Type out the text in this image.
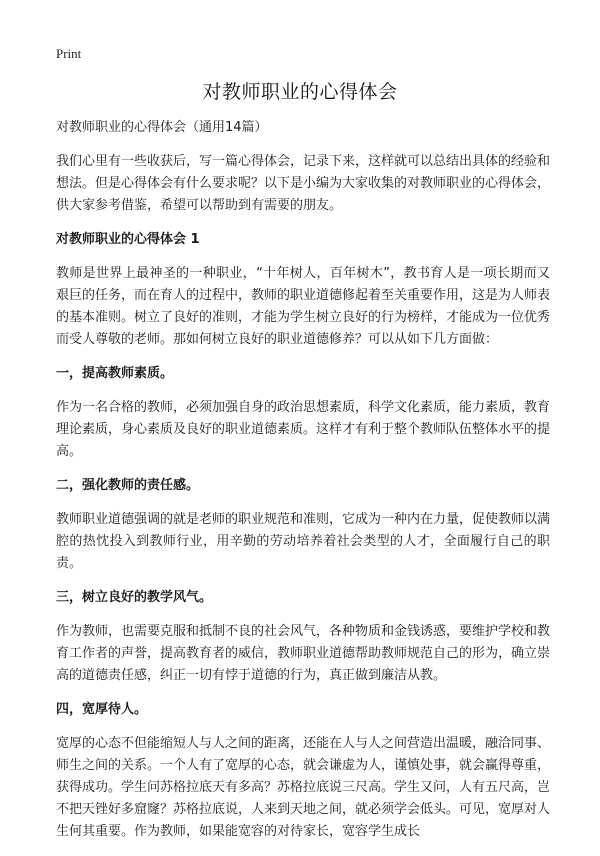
Print
对教师职业的心得体会

对教师职业的心得体会（通用14篇）

我们心里有一些收获后，写一篇心得体会，记录下来，这样就可以总结出具体的经验和想法。但是心得体会有什么要求呢？以下是小编为大家收集的对教师职业的心得体会，供大家参考借鉴，希望可以帮助到有需要的朋友。

对教师职业的心得体会 1

教师是世界上最神圣的一种职业，“十年树人，百年树木”，教书育人是一项长期而又艰巨的任务，而在育人的过程中，教师的职业道德修起着至关重要作用，这是为人师表的基本准则。树立了良好的准则，才能为学生树立良好的行为榜样，才能成为一位优秀而受人尊敬的老师。那如何树立良好的职业道德修养？可以从如下几方面做：

一，提高教师素质。

作为一名合格的教师，必须加强自身的政治思想素质，科学文化素质，能力素质，教育理论素质，身心素质及良好的职业道德素质。这样才有利于整个教师队伍整体水平的提高。

二，强化教师的责任感。

教师职业道德强调的就是老师的职业规范和准则，它成为一种内在力量，促使教师以满腔的热忱投入到教师行业，用辛勤的劳动培养着社会类型的人才，全面履行自己的职责。

三，树立良好的教学风气。

作为教师，也需要克服和抵制不良的社会风气，各种物质和金钱诱惑，要维护学校和教育工作者的声誉，提高教育者的威信，教师职业道德帮助教师规范自己的形为，确立崇高的道德责任感，纠正一切有悖于道德的行为，真正做到廉洁从教。

四，宽厚待人。

宽厚的心态不但能缩短人与人之间的距离，还能在人与人之间营造出温暖，融洽同事、师生之间的关系。一个人有了宽厚的心态，就会谦虚为人，谨慎处事，就会赢得尊重，获得成功。学生问苏格拉底天有多高？苏格拉底说三尺高。学生又问，人有五尺高，岂不把天锉好多窟窿？苏格拉底说，人来到天地之间，就必须学会低头。可见，宽厚对人生何其重要。作为教师，如果能宽容的对待家长，宽容学生成长
